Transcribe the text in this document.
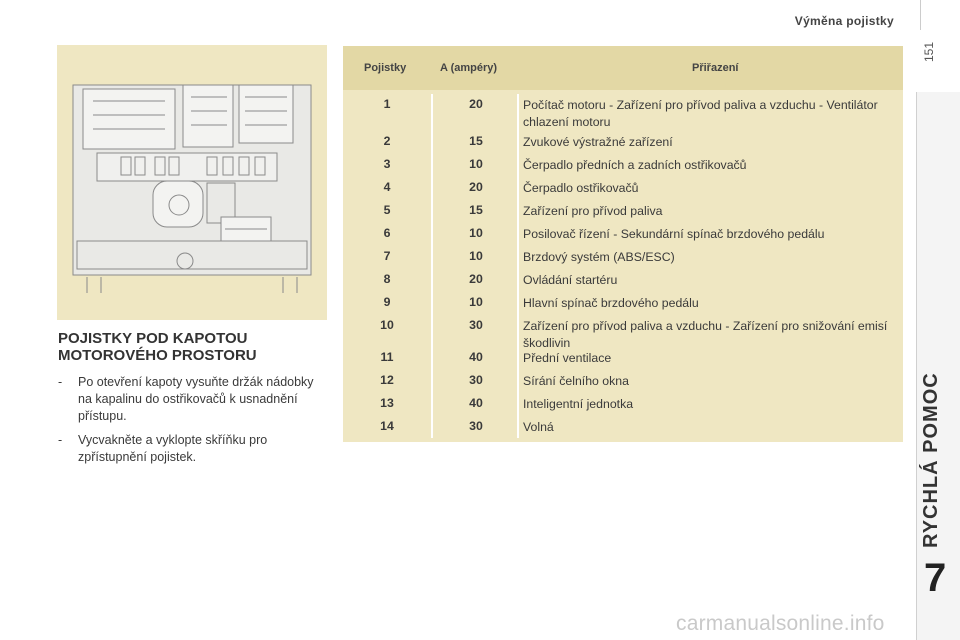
Výměna pojistky
151
RYCHLÁ POMOC
7
POJISTKY POD KAPOTOU
MOTOROVÉHO PROSTORU
-	Po otevření kapoty vysuňte držák nádobky na kapalinu do ostřikovačů k usnadnění přístupu.
-	Vycvakněte a vyklopte skříňku pro zpřístupnění pojistek.
Pojistky	A (ampéry)	Přiřazení
1	20	Počítač motoru - Zařízení pro přívod paliva a vzduchu - Ventilátor chlazení motoru
2	15	Zvukové výstražné zařízení
3	10	Čerpadlo předních a zadních ostřikovačů
4	20	Čerpadlo ostřikovačů
5	15	Zařízení pro přívod paliva
6	10	Posilovač řízení - Sekundární spínač brzdového pedálu
7	10	Brzdový systém (ABS/ESC)
8	20	Ovládání startéru
9	10	Hlavní spínač brzdového pedálu
10	30	Zařízení pro přívod paliva a vzduchu - Zařízení pro snižování emisí škodlivin
11	40	Přední ventilace
12	30	Sírání čelního okna
13	40	Inteligentní jednotka
14	30	Volná
carmanualsonline.info
